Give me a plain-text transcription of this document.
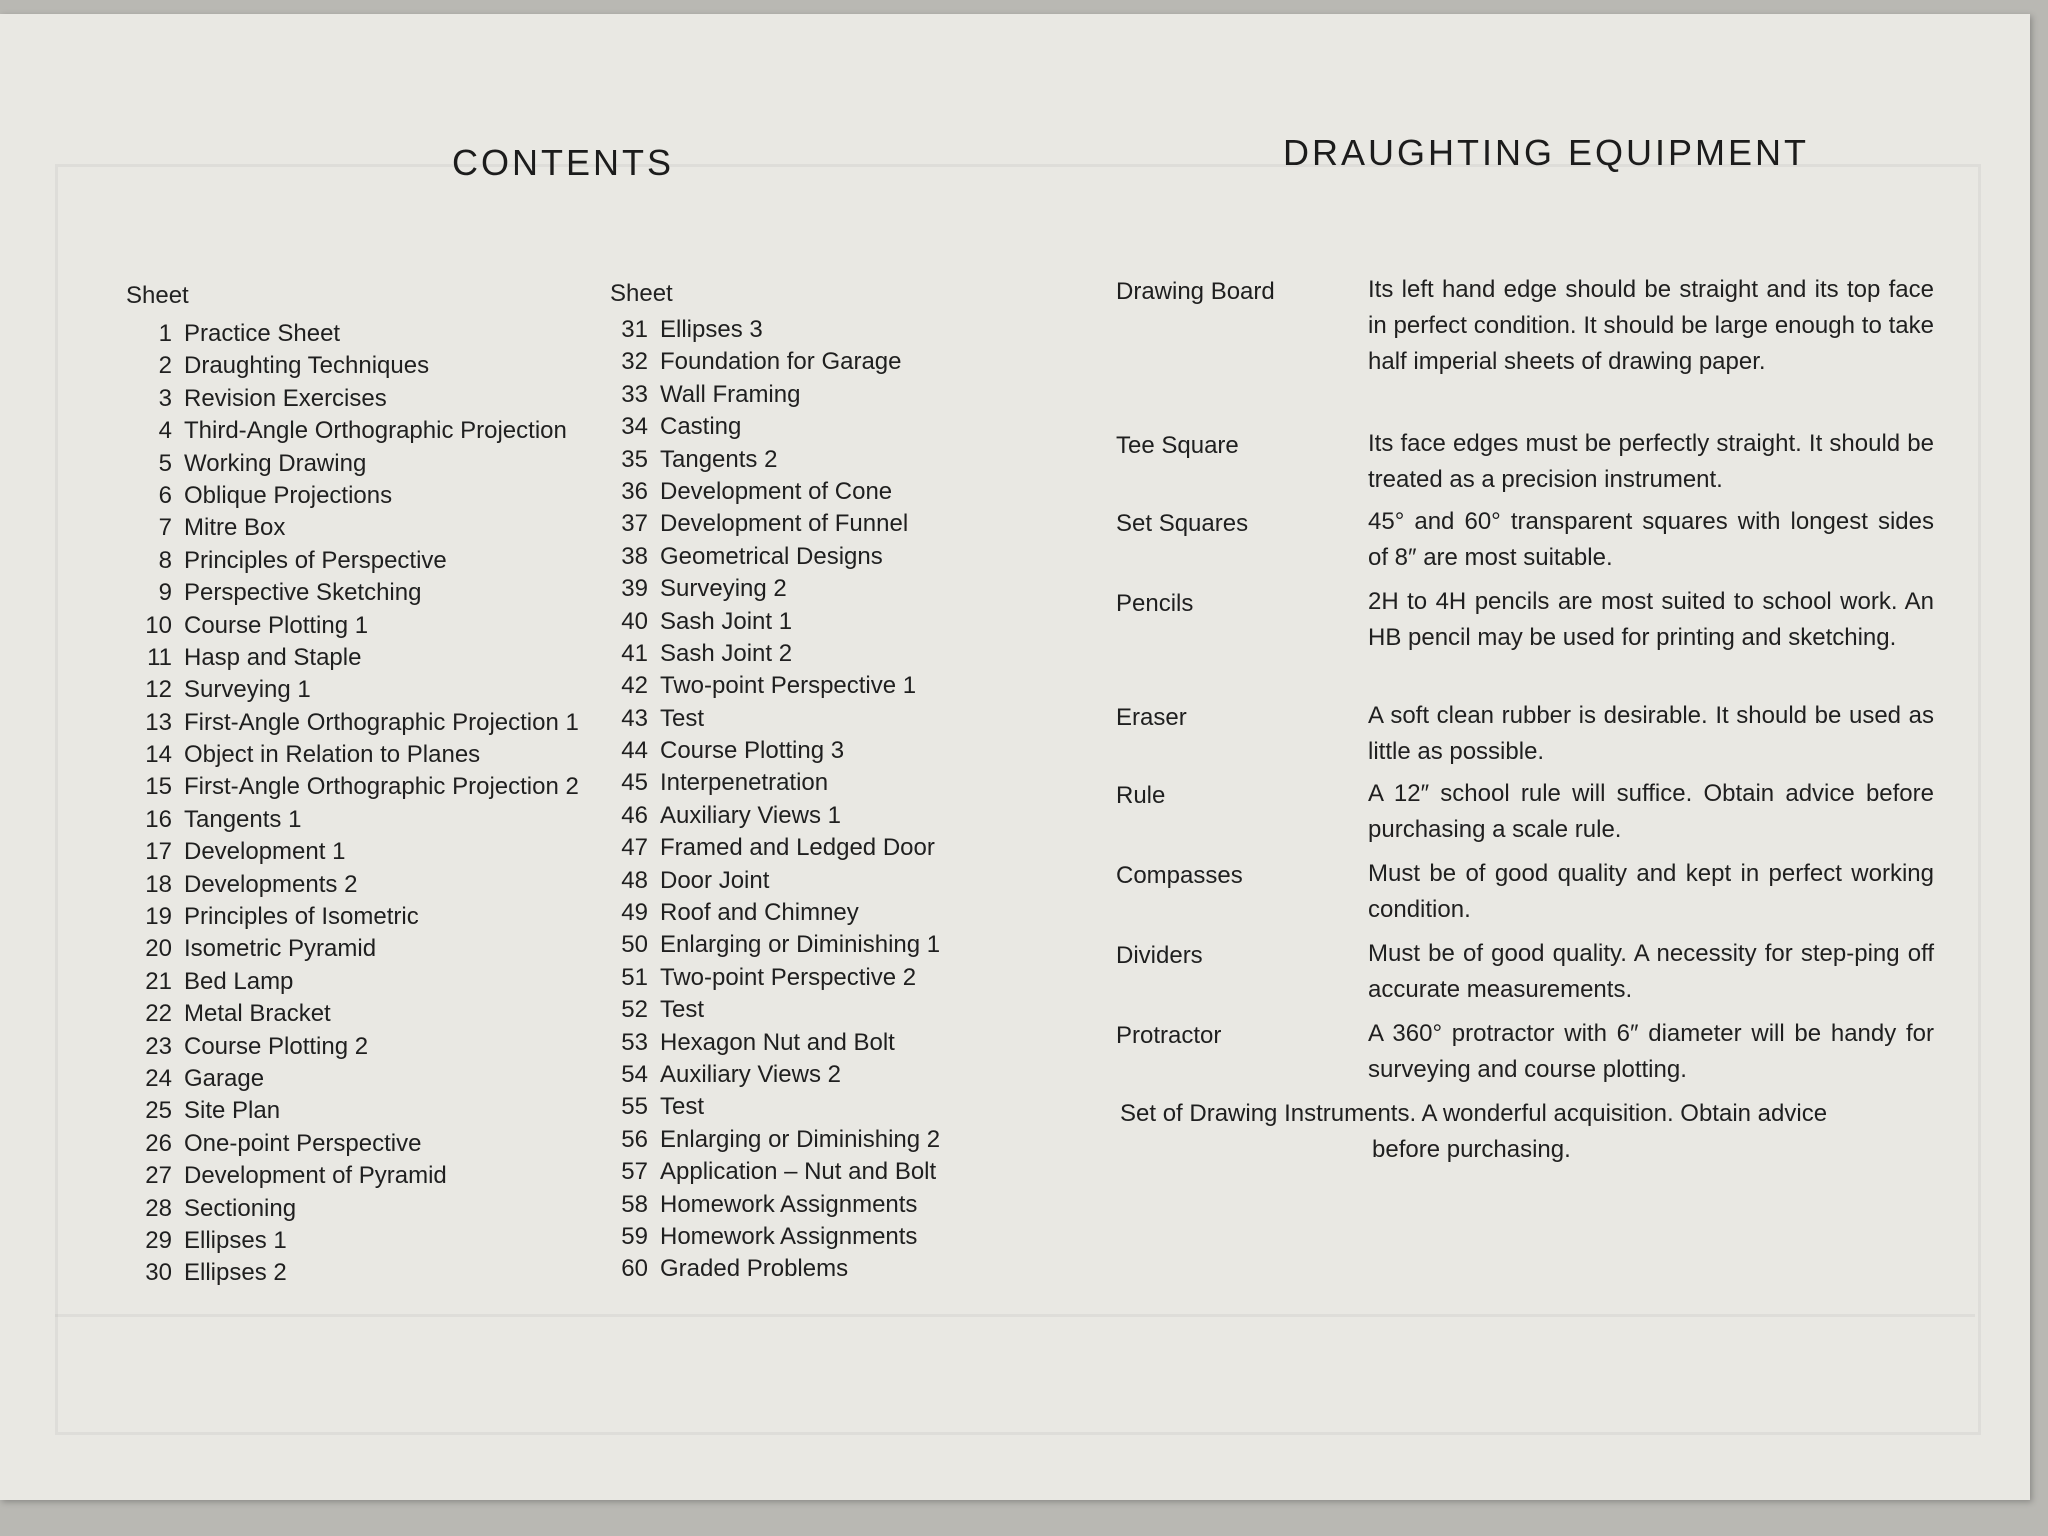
CONTENTS	DRAUGHTING EQUIPMENT
Sheet	Sheet
1 Practice Sheet
2 Draughting Techniques
3 Revision Exercises
4 Third-Angle Orthographic Projection
5 Working Drawing
6 Oblique Projections
7 Mitre Box
8 Principles of Perspective
9 Perspective Sketching
10 Course Plotting 1
11 Hasp and Staple
12 Surveying 1
13 First-Angle Orthographic Projection 1
14 Object in Relation to Planes
15 First-Angle Orthographic Projection 2
16 Tangents 1
17 Development 1
18 Developments 2
19 Principles of Isometric
20 Isometric Pyramid
21 Bed Lamp
22 Metal Bracket
23 Course Plotting 2
24 Garage
25 Site Plan
26 One-point Perspective
27 Development of Pyramid
28 Sectioning
29 Ellipses 1
30 Ellipses 2
31 Ellipses 3
32 Foundation for Garage
33 Wall Framing
34 Casting
35 Tangents 2
36 Development of Cone
37 Development of Funnel
38 Geometrical Designs
39 Surveying 2
40 Sash Joint 1
41 Sash Joint 2
42 Two-point Perspective 1
43 Test
44 Course Plotting 3
45 Interpenetration
46 Auxiliary Views 1
47 Framed and Ledged Door
48 Door Joint
49 Roof and Chimney
50 Enlarging or Diminishing 1
51 Two-point Perspective 2
52 Test
53 Hexagon Nut and Bolt
54 Auxiliary Views 2
55 Test
56 Enlarging or Diminishing 2
57 Application – Nut and Bolt
58 Homework Assignments
59 Homework Assignments
60 Graded Problems
Drawing Board	Its left hand edge should be straight and its top face in perfect condition. It should be large enough to take half imperial sheets of drawing paper.
Tee Square	Its face edges must be perfectly straight. It should be treated as a precision instrument.
Set Squares	45° and 60° transparent squares with longest sides of 8″ are most suitable.
Pencils	2H to 4H pencils are most suited to school work. An HB pencil may be used for printing and sketching.
Eraser	A soft clean rubber is desirable. It should be used as little as possible.
Rule	A 12″ school rule will suffice. Obtain advice before purchasing a scale rule.
Compasses	Must be of good quality and kept in perfect working condition.
Dividers	Must be of good quality. A necessity for step-ping off accurate measurements.
Protractor	A 360° protractor with 6″ diameter will be handy for surveying and course plotting.
Set of Drawing Instruments. A wonderful acquisition. Obtain advice
before purchasing.
